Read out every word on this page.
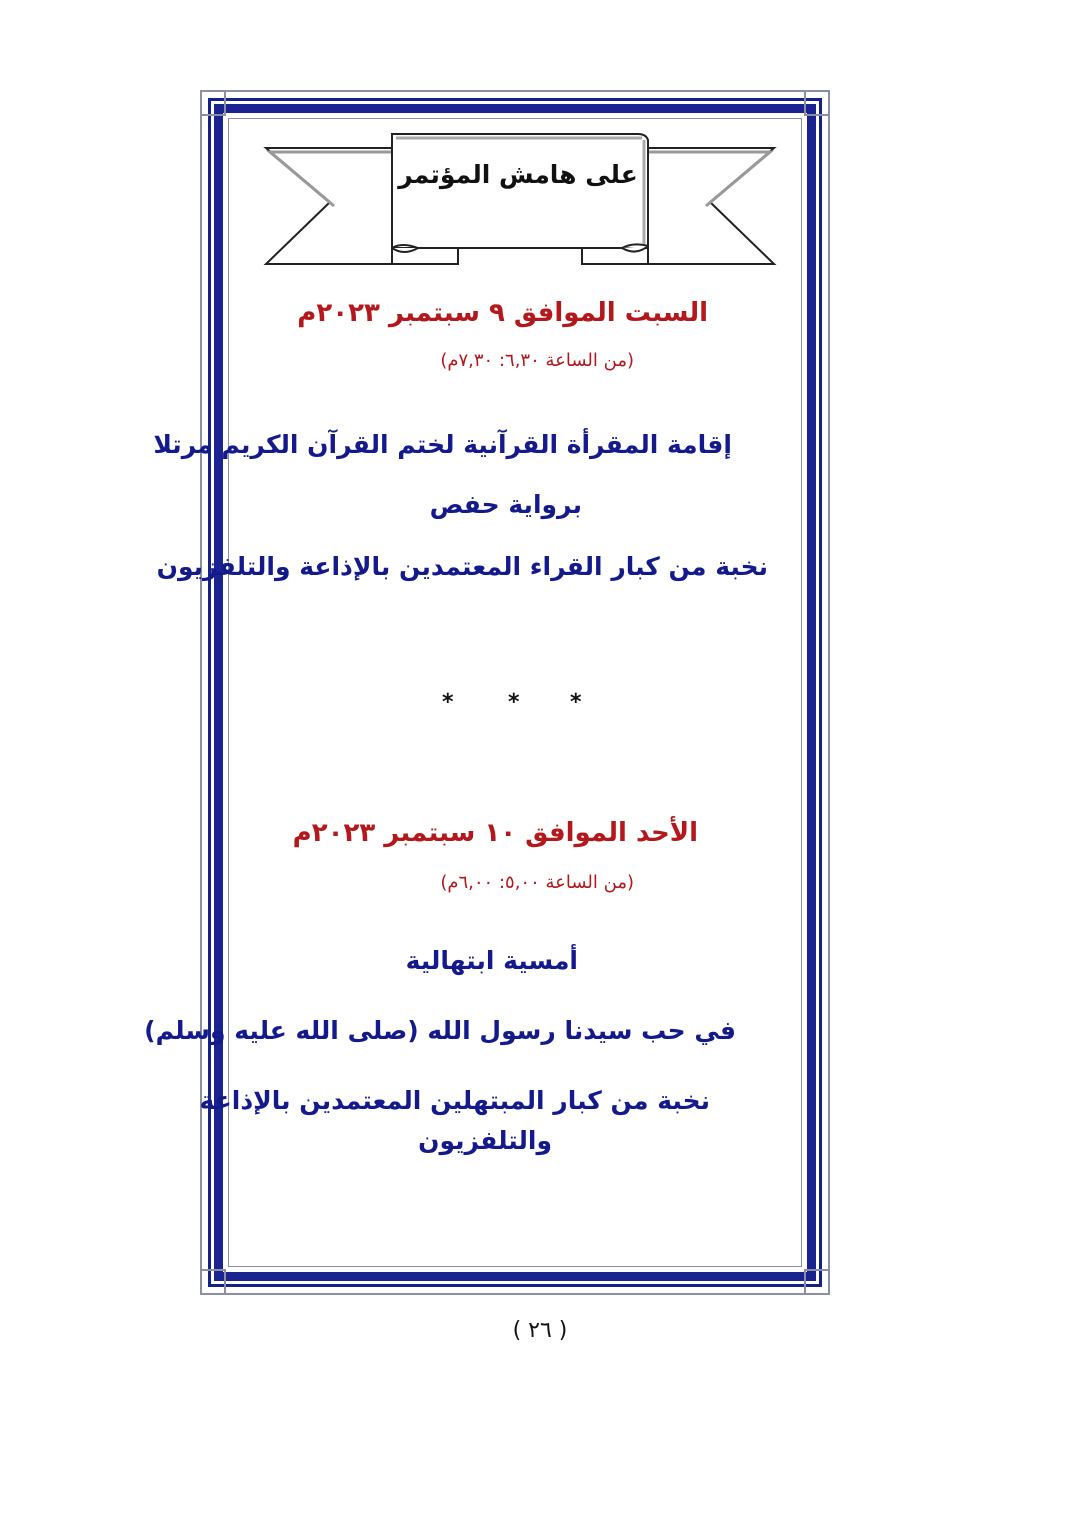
على هامش المؤتمر
السبت الموافق ٩ سبتمبر ٢٠٢٣م
(من الساعة ٦,٣٠: ٧,٣٠م)
إقامة المقرأة القرآنية لختم القرآن الكريم مرتلا
برواية حفص
نخبة من كبار القراء المعتمدين بالإذاعة والتلفزيون
* * *
الأحد الموافق ١٠ سبتمبر ٢٠٢٣م
(من الساعة ٥,٠٠: ٦,٠٠م)
أمسية ابتهالية
في حب سيدنا رسول الله (صلى الله عليه وسلم)
نخبة من كبار المبتهلين المعتمدين بالإذاعة
والتلفزيون
( ٢٦ )
